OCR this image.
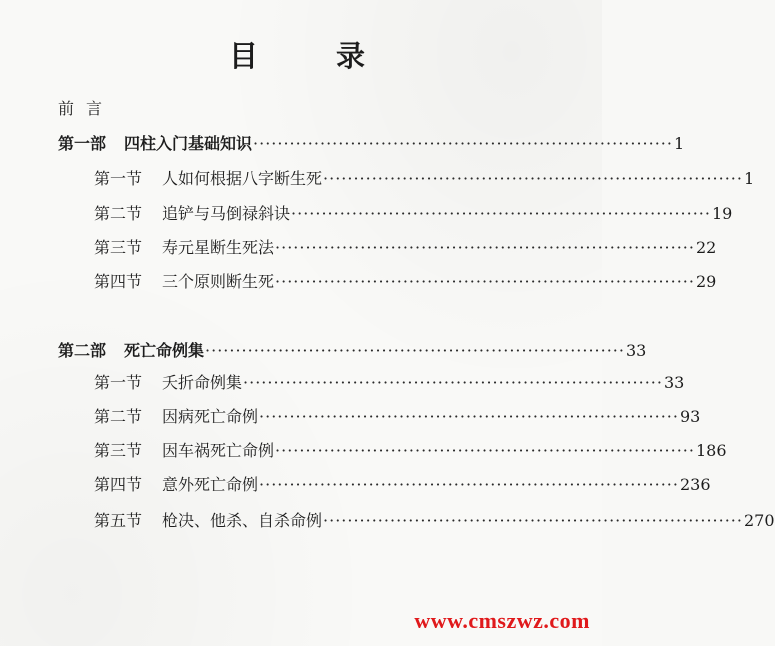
目 录
前言
第一部 四柱入门基础知识 ····································································· 1
第一节 人如何根据八字断生死 ····································································· 1
第二节 追铲与马倒禄斜诀 ····································································· 19
第三节 寿元星断生死法 ····································································· 22
第四节 三个原则断生死 ····································································· 29
第二部 死亡命例集 ····································································· 33
第一节 夭折命例集 ····································································· 33
第二节 因病死亡命例 ····································································· 93
第三节 因车祸死亡命例 ····································································· 186
第四节 意外死亡命例 ····································································· 236
第五节 枪决、他杀、自杀命例 ····································································· 270
www.cmszwz.com
